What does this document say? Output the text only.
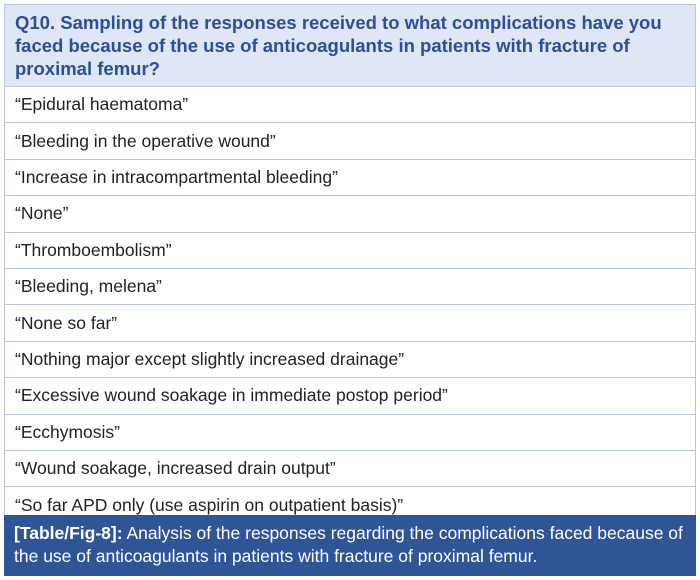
Q10. Sampling of the responses received to what complications have you faced because of the use of anticoagulants in patients with fracture of proximal femur?
“Epidural haematoma”
“Bleeding in the operative wound”
“Increase in intracompartmental bleeding”
“None”
“Thromboembolism”
“Bleeding, melena”
“None so far”
“Nothing major except slightly increased drainage”
“Excessive wound soakage in immediate postop period”
“Ecchymosis”
“Wound soakage, increased drain output”
“So far APD only (use aspirin on outpatient basis)”
[Table/Fig-8]: Analysis of the responses regarding the complications faced because of the use of anticoagulants in patients with fracture of proximal femur.
